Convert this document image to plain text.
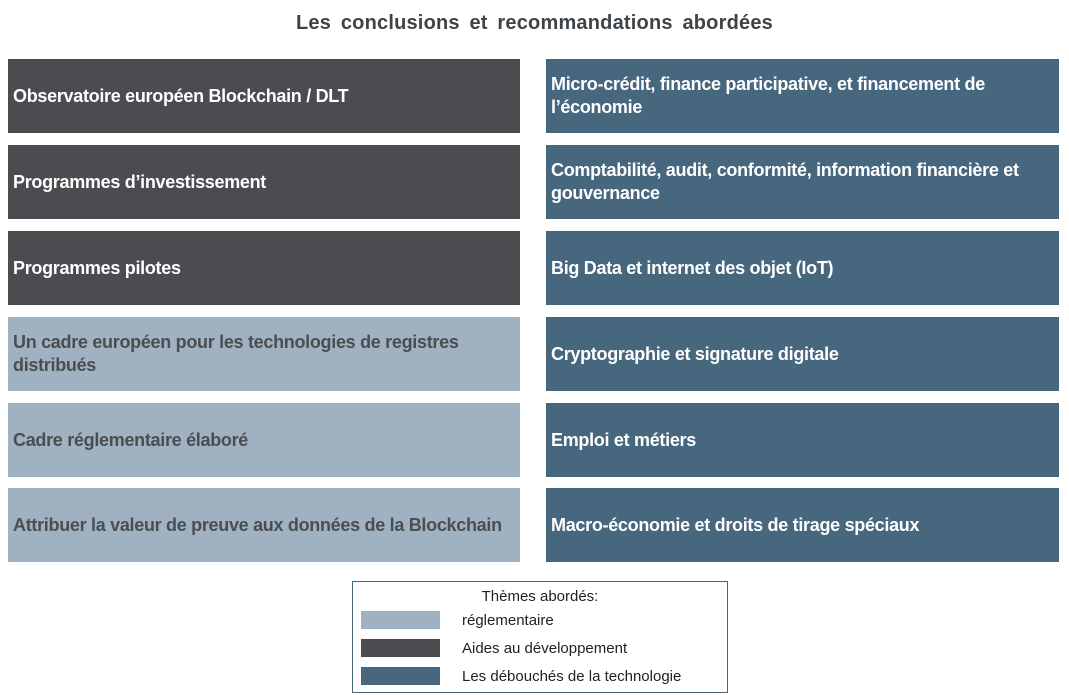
Les conclusions et recommandations abordées
Observatoire européen Blockchain / DLT
Programmes d’investissement
Programmes pilotes
Un cadre européen pour les technologies de registres distribués
Cadre réglementaire élaboré
Attribuer la valeur de preuve aux données de la Blockchain
Micro-crédit, finance participative, et financement de l’économie
Comptabilité, audit, conformité, information financière et gouvernance
Big Data et internet des objet (IoT)
Cryptographie et signature digitale
Emploi et métiers
Macro-économie et droits de tirage spéciaux
Thèmes abordés:
réglementaire
Aides au développement
Les débouchés de la technologie
